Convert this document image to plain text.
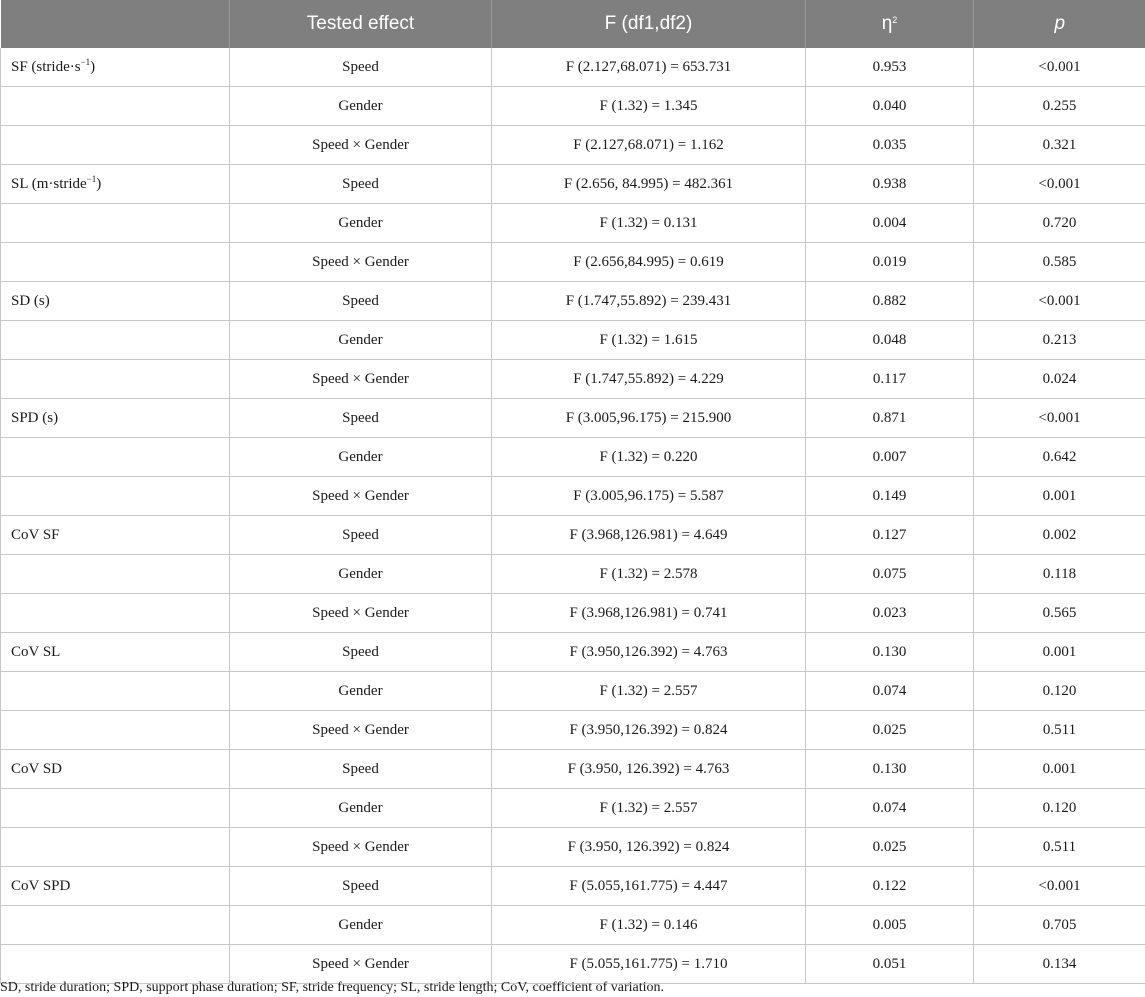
	Tested effect	F (df1,df2)	$\eta^2$	p
SF $(stride\cdot s^{-1})$	Speed	F (2.127,68.071) = 653.731	0.953	<0.001
	Gender	F (1.32) = 1.345	0.040	0.255
	Speed × Gender	F (2.127,68.071) = 1.162	0.035	0.321
SL (m·stride$^{-1}$)	Speed	F (2.656, 84.995) = 482.361	0.938	<0.001
	Gender	F (1.32) = 0.131	0.004	0.720
	Speed × Gender	F (2.656,84.995) = 0.619	0.019	0.585
SD (s)	Speed	F (1.747,55.892) = 239.431	0.882	<0.001
	Gender	F (1.32) = 1.615	0.048	0.213
	Speed × Gender	F (1.747,55.892) = 4.229	0.117	0.024
SPD (s)	Speed	F (3.005,96.175) = 215.900	0.871	<0.001
	Gender	F (1.32) = 0.220	0.007	0.642
	Speed × Gender	F (3.005,96.175) = 5.587	0.149	0.001
CoV SF	Speed	F (3.968,126.981) = 4.649	0.127	0.002
	Gender	F (1.32) = 2.578	0.075	0.118
	Speed × Gender	F (3.968,126.981) = 0.741	0.023	0.565
CoV SL	Speed	F (3.950,126.392) = 4.763	0.130	0.001
	Gender	F (1.32) = 2.557	0.074	0.120
	Speed × Gender	F (3.950,126.392) = 0.824	0.025	0.511
CoV SD	Speed	F (3.950, 126.392) = 4.763	0.130	0.001
	Gender	F (1.32) = 2.557	0.074	0.120
	Speed × Gender	F (3.950, 126.392) = 0.824	0.025	0.511
CoV SPD	Speed	F (5.055,161.775) = 4.447	0.122	<0.001
	Gender	F (1.32) = 0.146	0.005	0.705
	Speed × Gender	F (5.055,161.775) = 1.710	0.051	0.134

SD, stride duration; SPD, support phase duration; SF, stride frequency; SL, stride length; CoV, coefficient of variation.
